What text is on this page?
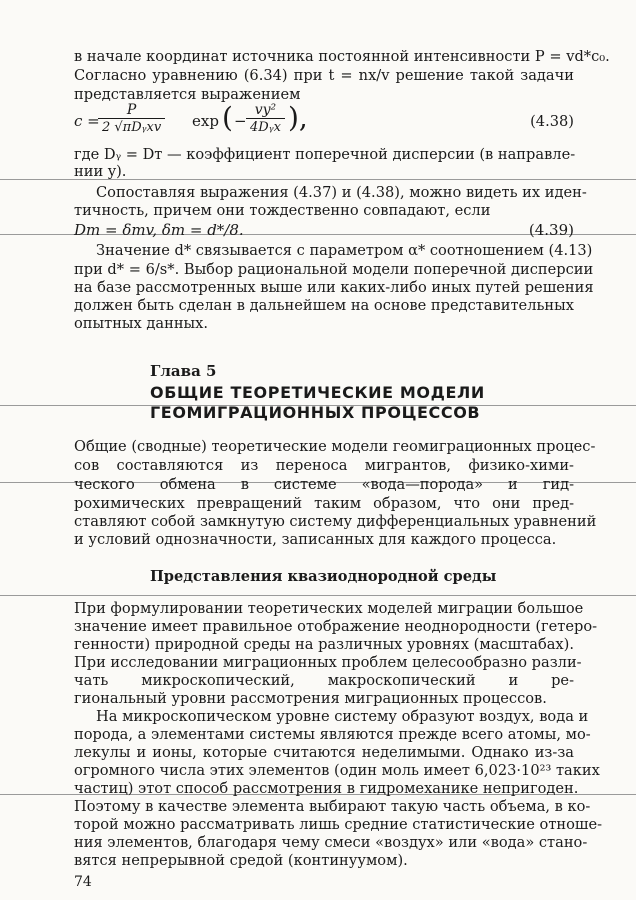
в начале координат источника постоянной интенсивности P = vd*c₀.
Согласно уравнению (6.34) при t = nx/v решение такой задачи
представляется выражением
c =
P
2 √πDᵧxv exp ( −
vy²
4Dᵧx ),	(4.38)
где Dᵧ = Dт — коэффициент поперечной дисперсии (в направле-
нии y).
Сопоставляя выражения (4.37) и (4.38), можно видеть их иден-
тичность, причем они тождественно совпадают, если
Dт = δтv, δт = d*/8.	(4.39)
Значение d* связывается с параметром α* соотношением (4.13)
при d* = 6/s*. Выбор рациональной модели поперечной дисперсии
на базе рассмотренных выше или каких-либо иных путей решения
должен быть сделан в дальнейшем на основе представительных
опытных данных.
Глава 5
ОБЩИЕ ТЕОРЕТИЧЕСКИЕ МОДЕЛИ
ГЕОМИГРАЦИОННЫХ ПРОЦЕССОВ
Общие (сводные) теоретические модели геомиграционных процес-
сов составляются из переноса мигрантов, физико-хими-
ческого обмена в системе «вода—порода» и гид-
рохимических превращений таким образом, что они пред-
ставляют собой замкнутую систему дифференциальных уравнений
и условий однозначности, записанных для каждого процесса.
Представления квазиоднородной среды
При формулировании теоретических моделей миграции большое
значение имеет правильное отображение неоднородности (гетеро-
генности) природной среды на различных уровнях (масштабах).
При исследовании миграционных проблем целесообразно разли-
чать микроскопический, макроскопический и ре-
гиональный уровни рассмотрения миграционных процессов.
На микроскопическом уровне систему образуют воздух, вода и
порода, а элементами системы являются прежде всего атомы, мо-
лекулы и ионы, которые считаются неделимыми. Однако из-за
огромного числа этих элементов (один моль имеет 6,023·10²³ таких
частиц) этот способ рассмотрения в гидромеханике непригоден.
Поэтому в качестве элемента выбирают такую часть объема, в ко-
торой можно рассматривать лишь средние статистические отноше-
ния элементов, благодаря чему смеси «воздух» или «вода» стано-
вятся непрерывной средой (континуумом).
74
